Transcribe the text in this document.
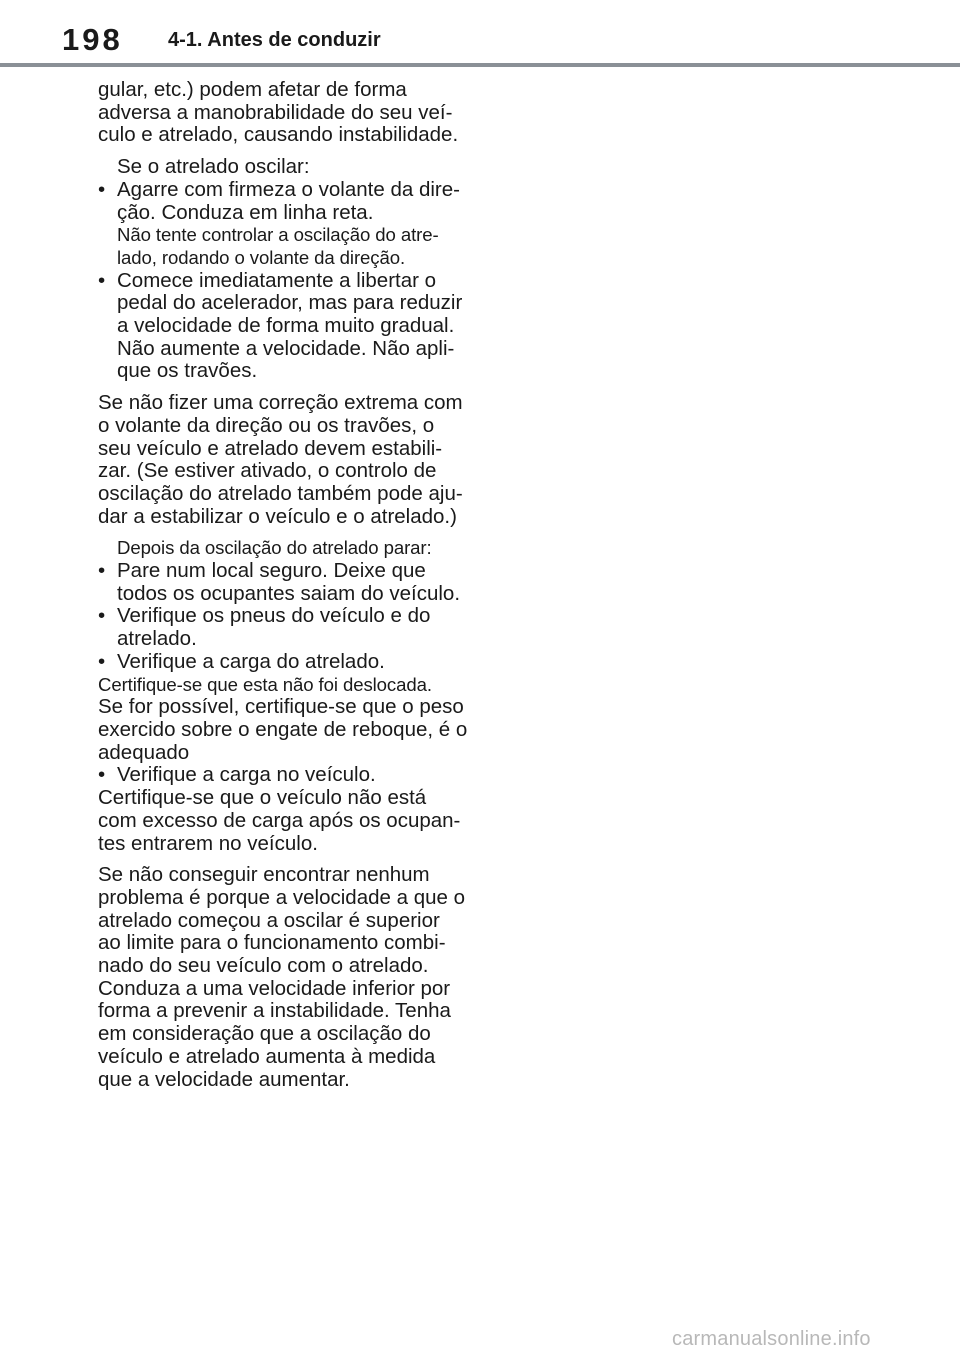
198 4-1. Antes de conduzir

gular, etc.) podem afetar de forma

adversa a manobrabilidade do seu veí-

culo e atrelado, causando instabilidade.

Se o atrelado oscilar:

• Agarre com firmeza o volante da dire-

ção. Conduza em linha reta.

Não tente controlar a oscilação do atre-

lado, rodando o volante da direção.

• Comece imediatamente a libertar o

pedal do acelerador, mas para reduzir

a velocidade de forma muito gradual.

Não aumente a velocidade. Não apli-

que os travões.

Se não fizer uma correção extrema com

o volante da direção ou os travões, o

seu veículo e atrelado devem estabili-

zar. (Se estiver ativado, o controlo de

oscilação do atrelado também pode aju-

dar a estabilizar o veículo e o atrelado.)

Depois da oscilação do atrelado parar:

• Pare num local seguro. Deixe que

todos os ocupantes saiam do veículo.

• Verifique os pneus do veículo e do

atrelado.

• Verifique a carga do atrelado.

Certifique-se que esta não foi deslocada.

Se for possível, certifique-se que o peso

exercido sobre o engate de reboque, é o

adequado

• Verifique a carga no veículo.

Certifique-se que o veículo não está

com excesso de carga após os ocupan-

tes entrarem no veículo.

Se não conseguir encontrar nenhum

problema é porque a velocidade a que o

atrelado começou a oscilar é superior

ao limite para o funcionamento combi-

nado do seu veículo com o atrelado.

Conduza a uma velocidade inferior por

forma a prevenir a instabilidade. Tenha

em consideração que a oscilação do

veículo e atrelado aumenta à medida

que a velocidade aumentar.

carmanualsonline.info
